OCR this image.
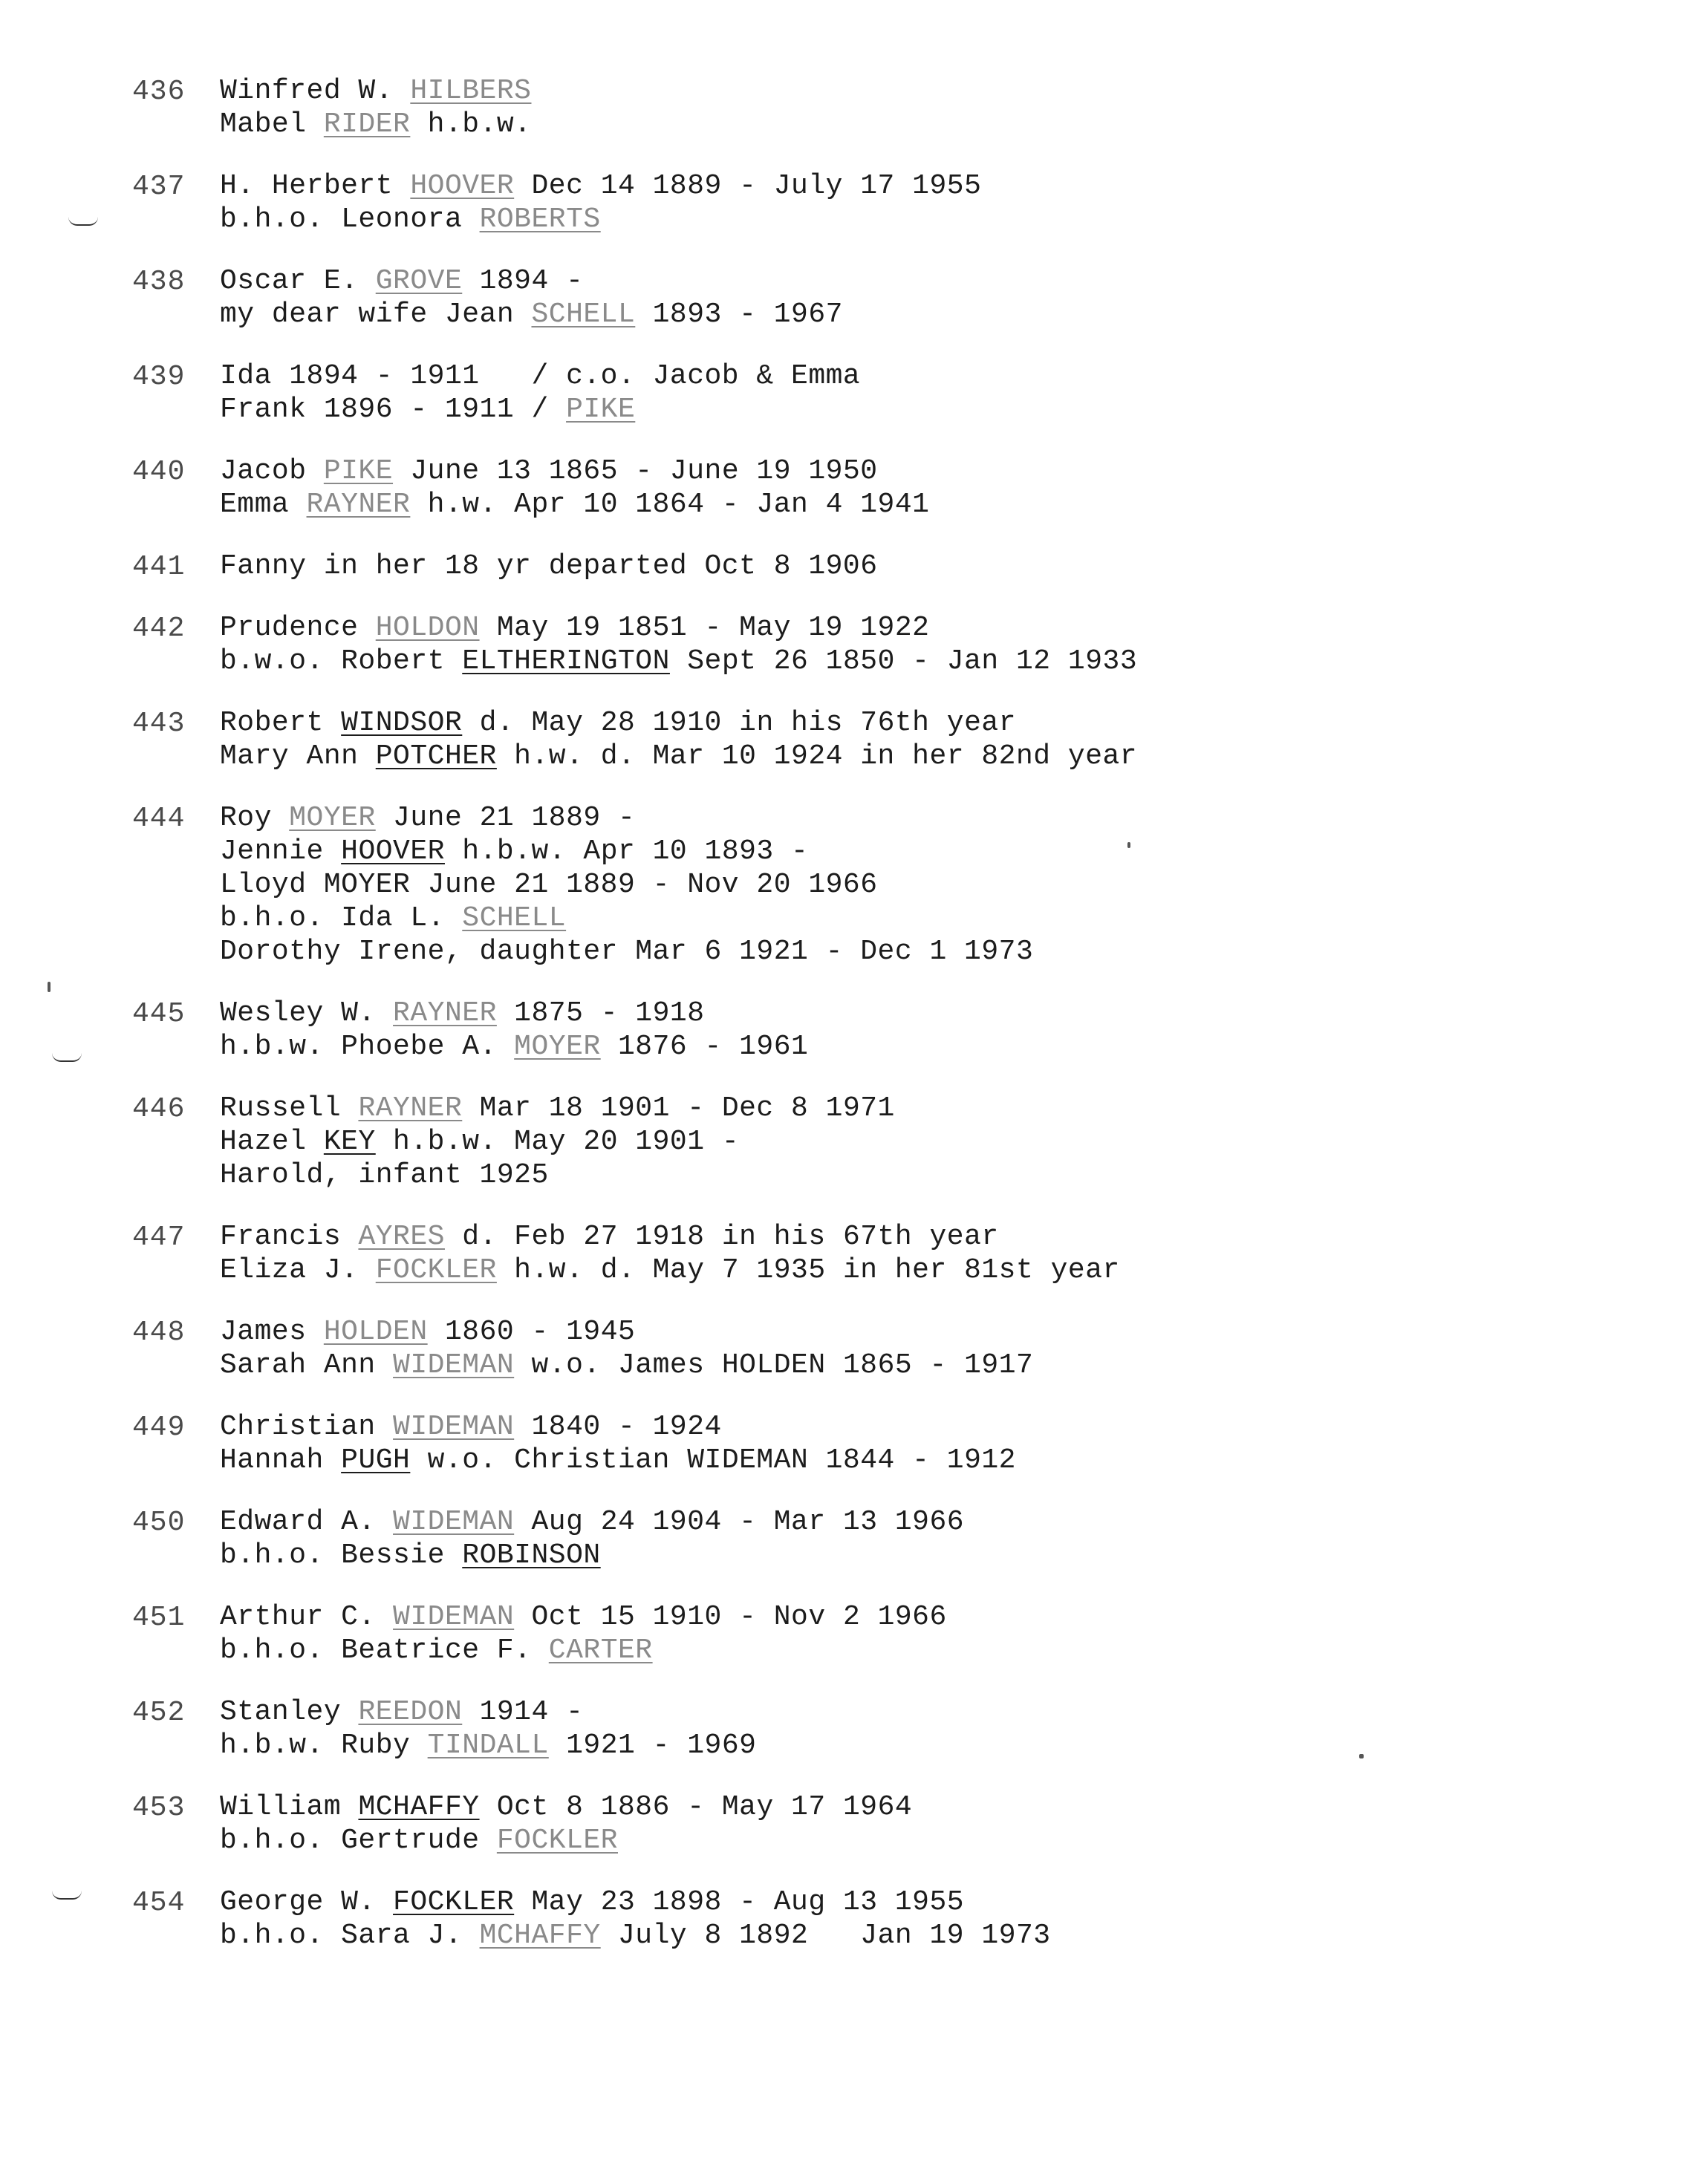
436	Winfred W. HILBERS
Mabel RIDER h.b.w.
437	H. Herbert HOOVER Dec 14 1889 - July 17 1955
b.h.o. Leonora ROBERTS
438	Oscar E. GROVE 1894 -
my dear wife Jean SCHELL 1893 - 1967
439	Ida 1894 - 1911   / c.o. Jacob & Emma
Frank 1896 - 1911 / PIKE
440	Jacob PIKE June 13 1865 - June 19 1950
Emma RAYNER h.w. Apr 10 1864 - Jan 4 1941
441	Fanny in her 18 yr departed Oct 8 1906
442	Prudence HOLDON May 19 1851 - May 19 1922
b.w.o. Robert ELTHERINGTON Sept 26 1850 - Jan 12 1933
443	Robert WINDSOR d. May 28 1910 in his 76th year
Mary Ann POTCHER h.w. d. Mar 10 1924 in her 82nd year
444	Roy MOYER June 21 1889 -
Jennie HOOVER h.b.w. Apr 10 1893 -
Lloyd MOYER June 21 1889 - Nov 20 1966
b.h.o. Ida L. SCHELL
Dorothy Irene, daughter Mar 6 1921 - Dec 1 1973
445	Wesley W. RAYNER 1875 - 1918
h.b.w. Phoebe A. MOYER 1876 - 1961
446	Russell RAYNER Mar 18 1901 - Dec 8 1971
Hazel KEY h.b.w. May 20 1901 -
Harold, infant 1925
447	Francis AYRES d. Feb 27 1918 in his 67th year
Eliza J. FOCKLER h.w. d. May 7 1935 in her 81st year
448	James HOLDEN 1860 - 1945
Sarah Ann WIDEMAN w.o. James HOLDEN 1865 - 1917
449	Christian WIDEMAN 1840 - 1924
Hannah PUGH w.o. Christian WIDEMAN 1844 - 1912
450	Edward A. WIDEMAN Aug 24 1904 - Mar 13 1966
b.h.o. Bessie ROBINSON
451	Arthur C. WIDEMAN Oct 15 1910 - Nov 2 1966
b.h.o. Beatrice F. CARTER
452	Stanley REEDON 1914 -
h.b.w. Ruby TINDALL 1921 - 1969
453	William MCHAFFY Oct 8 1886 - May 17 1964
b.h.o. Gertrude FOCKLER
454	George W. FOCKLER May 23 1898 - Aug 13 1955
b.h.o. Sara J. MCHAFFY July 8 1892   Jan 19 1973
